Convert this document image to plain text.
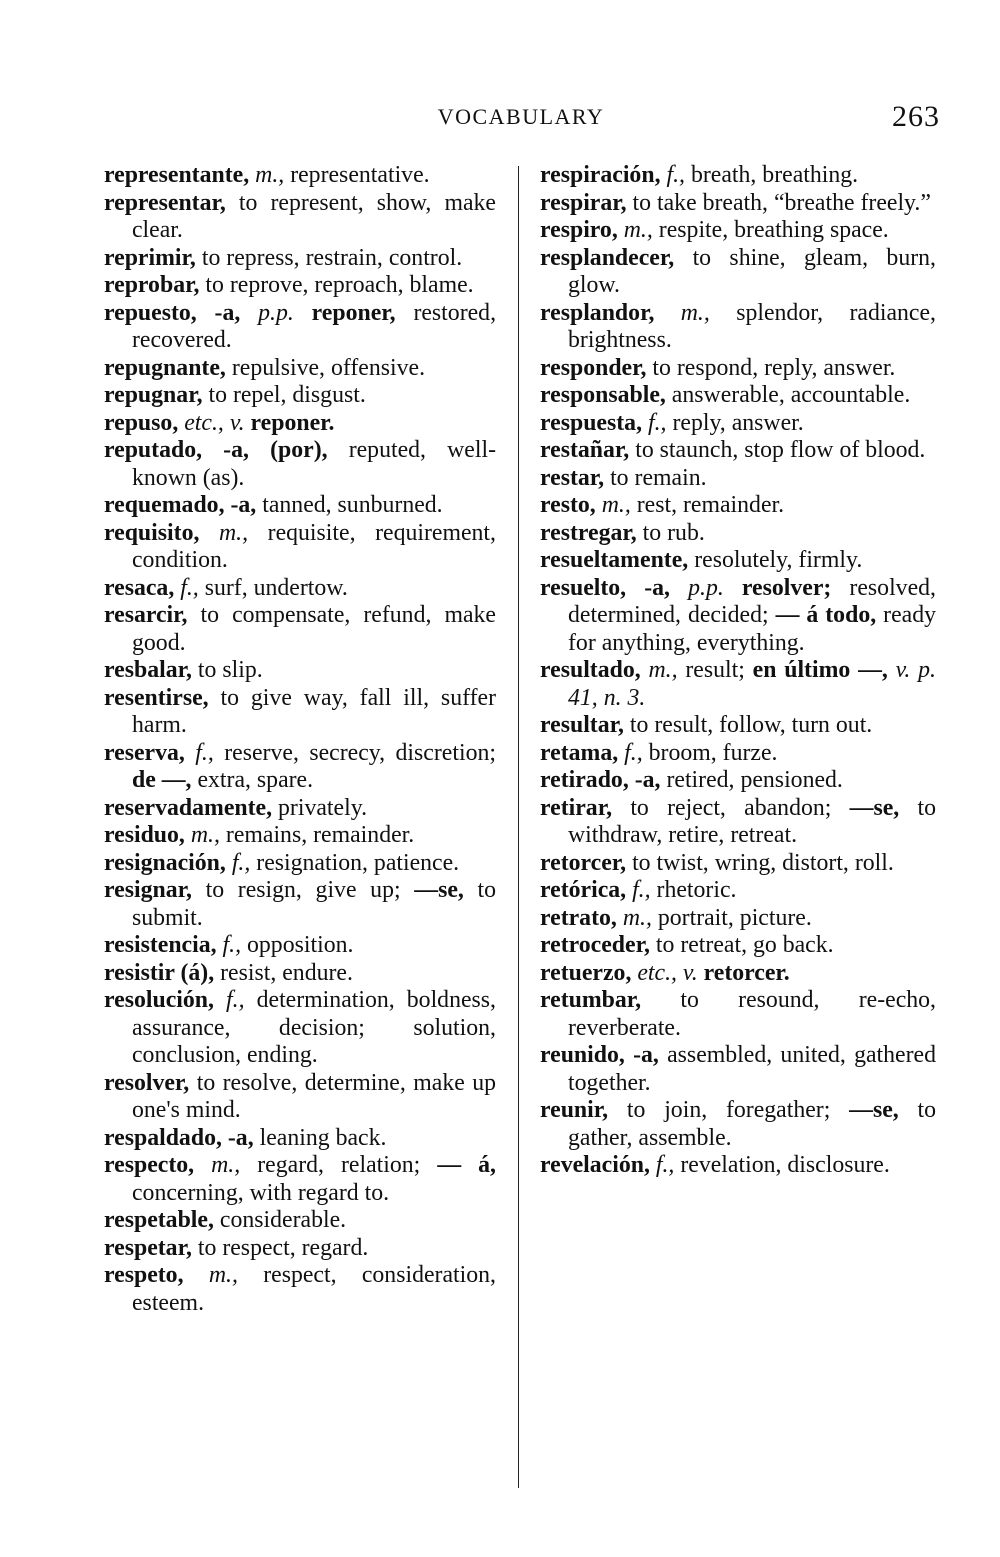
VOCABULARY	263
representante, m., representative.
representar, to represent, show, make clear.
reprimir, to repress, restrain, control.
reprobar, to reprove, reproach, blame.
repuesto, -a, p.p. reponer, restored, recovered.
repugnante, repulsive, offensive.
repugnar, to repel, disgust.
repuso, etc., v. reponer.
reputado, -a, (por), reputed, well-known (as).
requemado, -a, tanned, sunburned.
requisito, m., requisite, requirement, condition.
resaca, f., surf, undertow.
resarcir, to compensate, refund, make good.
resbalar, to slip.
resentirse, to give way, fall ill, suffer harm.
reserva, f., reserve, secrecy, discretion; de —, extra, spare.
reservadamente, privately.
residuo, m., remains, remainder.
resignación, f., resignation, patience.
resignar, to resign, give up; —se, to submit.
resistencia, f., opposition.
resistir (á), resist, endure.
resolución, f., determination, boldness, assurance, decision; solution, conclusion, ending.
resolver, to resolve, determine, make up one's mind.
respaldado, -a, leaning back.
respecto, m., regard, relation; — á, concerning, with regard to.
respetable, considerable.
respetar, to respect, regard.
respeto, m., respect, consideration, esteem.
respiración, f., breath, breathing.
respirar, to take breath, “breathe freely.”
respiro, m., respite, breathing space.
resplandecer, to shine, gleam, burn, glow.
resplandor, m., splendor, radiance, brightness.
responder, to respond, reply, answer.
responsable, answerable, accountable.
respuesta, f., reply, answer.
restañar, to staunch, stop flow of blood.
restar, to remain.
resto, m., rest, remainder.
restregar, to rub.
resueltamente, resolutely, firmly.
resuelto, -a, p.p. resolver; resolved, determined, decided; — á todo, ready for anything, everything.
resultado, m., result; en último —, v. p. 41, n. 3.
resultar, to result, follow, turn out.
retama, f., broom, furze.
retirado, -a, retired, pensioned.
retirar, to reject, abandon; —se, to withdraw, retire, retreat.
retorcer, to twist, wring, distort, roll.
retórica, f., rhetoric.
retrato, m., portrait, picture.
retroceder, to retreat, go back.
retuerzo, etc., v. retorcer.
retumbar, to resound, re-echo, reverberate.
reunido, -a, assembled, united, gathered together.
reunir, to join, foregather; —se, to gather, assemble.
revelación, f., revelation, disclosure.
